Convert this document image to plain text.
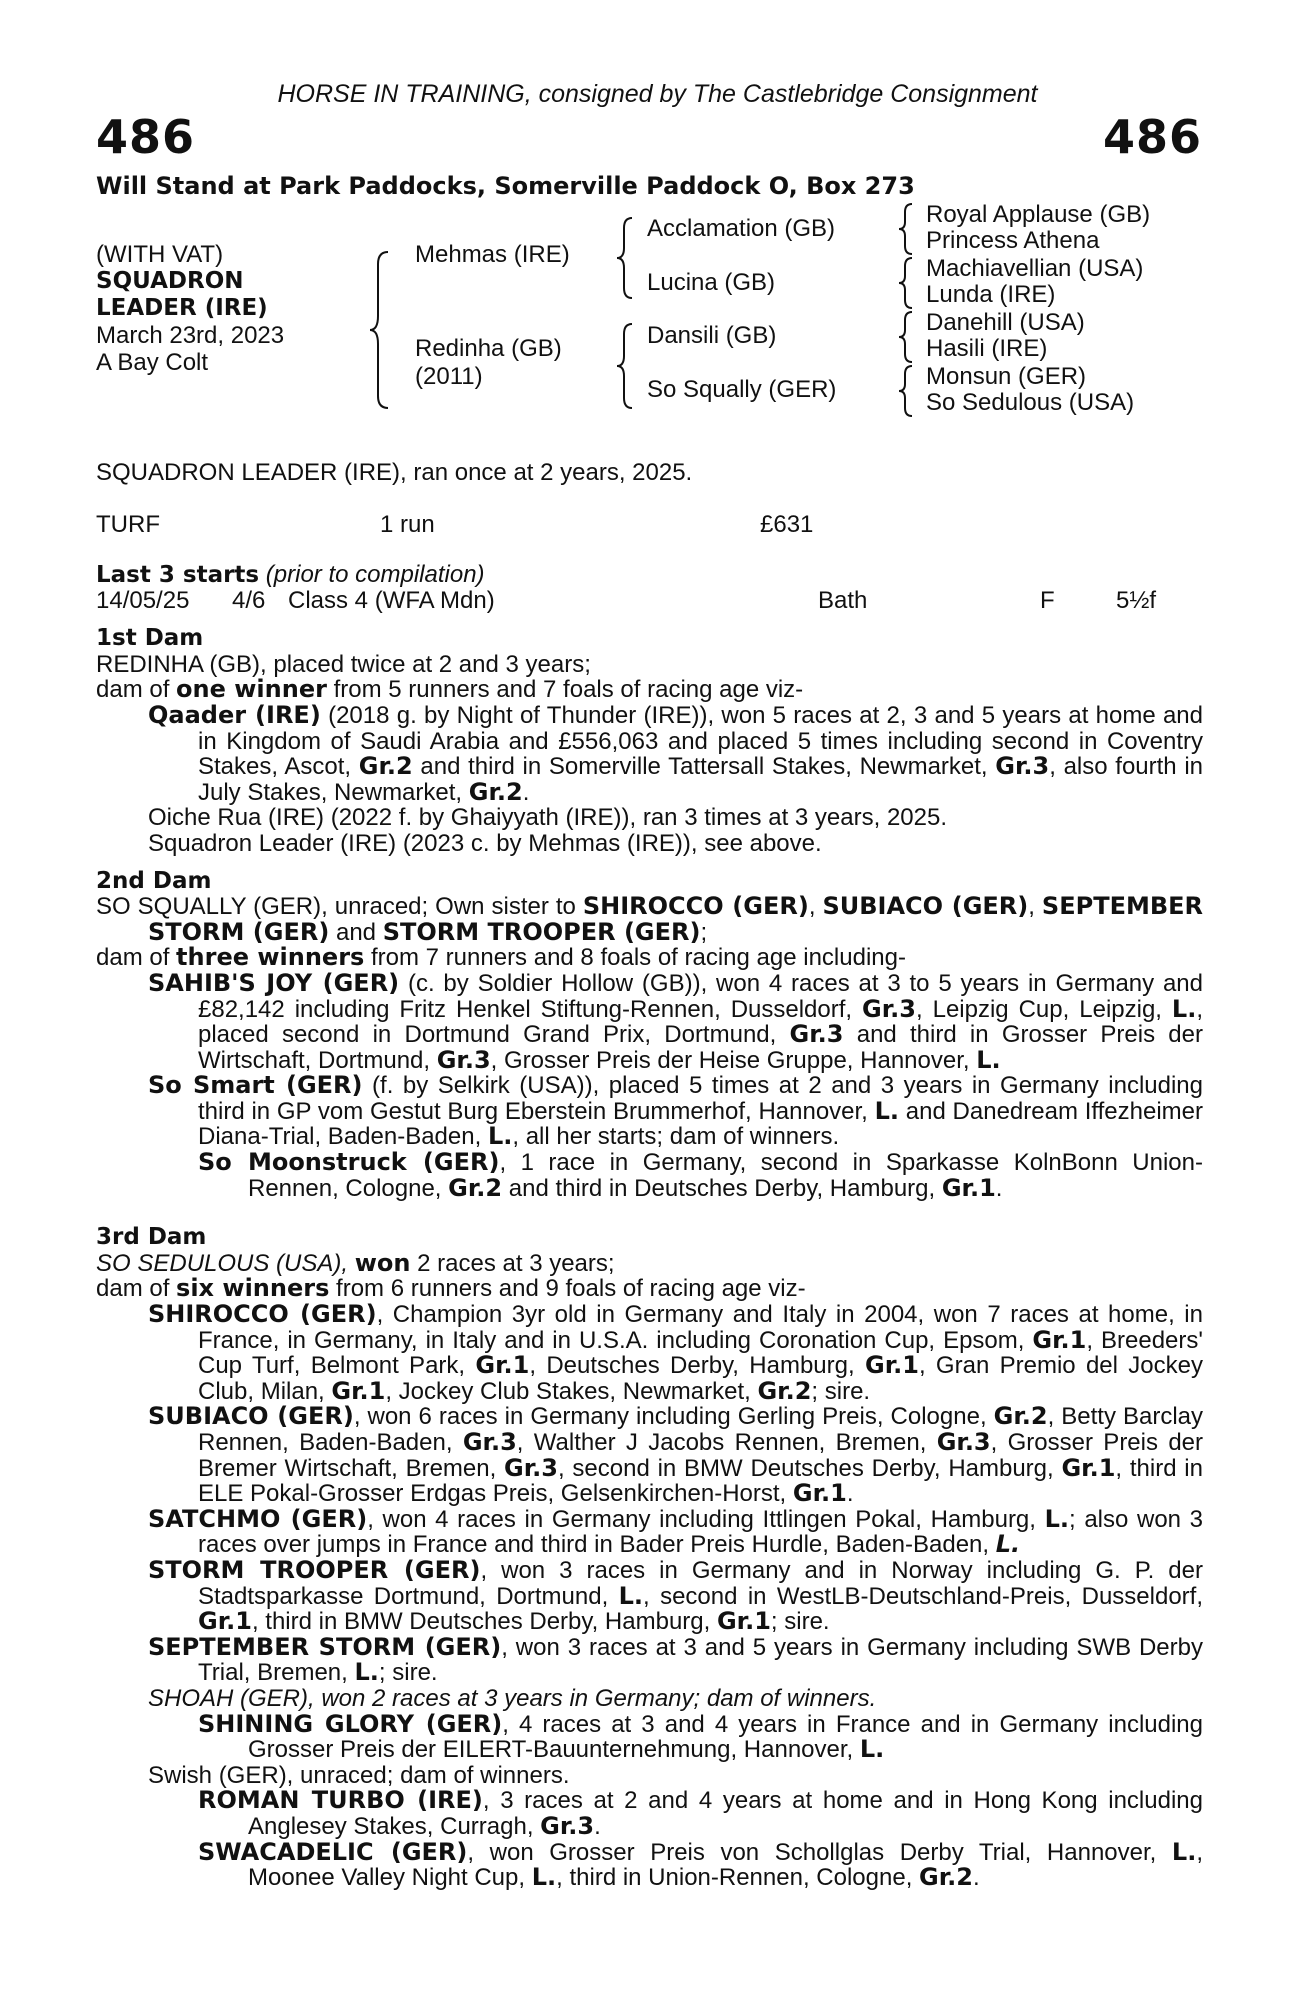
HORSE IN TRAINING, consigned by The Castlebridge Consignment
486	486
Will Stand at Park Paddocks, Somerville Paddock O, Box 273
(WITH VAT)
SQUADRON
LEADER (IRE)
March 23rd, 2023
A Bay Colt
Mehmas (IRE)
Redinha (GB)
(2011)
Acclamation (GB)
Lucina (GB)
Dansili (GB)
So Squally (GER)
Royal Applause (GB)
Princess Athena
Machiavellian (USA)
Lunda (IRE)
Danehill (USA)
Hasili (IRE)
Monsun (GER)
So Sedulous (USA)

SQUADRON LEADER (IRE), ran once at 2 years, 2025.

TURF	1 run	£631

Last 3 starts (prior to compilation)

14/05/25 4/6 Class 4 (WFA Mdn)	Bath	F	5½f

1st Dam

REDINHA (GB), placed twice at 2 and 3 years;

dam of one winner from 5 runners and 7 foals of racing age viz-

Qaader (IRE) (2018 g. by Night of Thunder (IRE)), won 5 races at 2, 3 and 5 years at home and in Kingdom of Saudi Arabia and £556,063 and placed 5 times including second in Coventry Stakes, Ascot, Gr.2 and third in Somerville Tattersall Stakes, Newmarket, Gr.3, also fourth in July Stakes, Newmarket, Gr.2.

Oiche Rua (IRE) (2022 f. by Ghaiyyath (IRE)), ran 3 times at 3 years, 2025.

Squadron Leader (IRE) (2023 c. by Mehmas (IRE)), see above.

2nd Dam

SO SQUALLY (GER), unraced; Own sister to SHIROCCO (GER), SUBIACO (GER), SEPTEMBER STORM (GER) and STORM TROOPER (GER);

dam of three winners from 7 runners and 8 foals of racing age including-

SAHIB'S JOY (GER) (c. by Soldier Hollow (GB)), won 4 races at 3 to 5 years in Germany and £82,142 including Fritz Henkel Stiftung-Rennen, Dusseldorf, Gr.3, Leipzig Cup, Leipzig, L., placed second in Dortmund Grand Prix, Dortmund, Gr.3 and third in Grosser Preis der Wirtschaft, Dortmund, Gr.3, Grosser Preis der Heise Gruppe, Hannover, L.

So Smart (GER) (f. by Selkirk (USA)), placed 5 times at 2 and 3 years in Germany including third in GP vom Gestut Burg Eberstein Brummerhof, Hannover, L. and Danedream Iffezheimer Diana-Trial, Baden-Baden, L., all her starts; dam of winners.

So Moonstruck (GER), 1 race in Germany, second in Sparkasse KolnBonn Union-Rennen, Cologne, Gr.2 and third in Deutsches Derby, Hamburg, Gr.1.

3rd Dam

SO SEDULOUS (USA), won 2 races at 3 years;

dam of six winners from 6 runners and 9 foals of racing age viz-

SHIROCCO (GER), Champion 3yr old in Germany and Italy in 2004, won 7 races at home, in France, in Germany, in Italy and in U.S.A. including Coronation Cup, Epsom, Gr.1, Breeders' Cup Turf, Belmont Park, Gr.1, Deutsches Derby, Hamburg, Gr.1, Gran Premio del Jockey Club, Milan, Gr.1, Jockey Club Stakes, Newmarket, Gr.2; sire.

SUBIACO (GER), won 6 races in Germany including Gerling Preis, Cologne, Gr.2, Betty Barclay Rennen, Baden-Baden, Gr.3, Walther J Jacobs Rennen, Bremen, Gr.3, Grosser Preis der Bremer Wirtschaft, Bremen, Gr.3, second in BMW Deutsches Derby, Hamburg, Gr.1, third in ELE Pokal-Grosser Erdgas Preis, Gelsenkirchen-Horst, Gr.1.

SATCHMO (GER), won 4 races in Germany including Ittlingen Pokal, Hamburg, L.; also won 3 races over jumps in France and third in Bader Preis Hurdle, Baden-Baden, L.

STORM TROOPER (GER), won 3 races in Germany and in Norway including G. P. der Stadtsparkasse Dortmund, Dortmund, L., second in WestLB-Deutschland-Preis, Dusseldorf, Gr.1, third in BMW Deutsches Derby, Hamburg, Gr.1; sire.

SEPTEMBER STORM (GER), won 3 races at 3 and 5 years in Germany including SWB Derby Trial, Bremen, L.; sire.

SHOAH (GER), won 2 races at 3 years in Germany; dam of winners.

SHINING GLORY (GER), 4 races at 3 and 4 years in France and in Germany including Grosser Preis der EILERT-Bauunternehmung, Hannover, L.

Swish (GER), unraced; dam of winners.

ROMAN TURBO (IRE), 3 races at 2 and 4 years at home and in Hong Kong including Anglesey Stakes, Curragh, Gr.3.

SWACADELIC (GER), won Grosser Preis von Schollglas Derby Trial, Hannover, L., Moonee Valley Night Cup, L., third in Union-Rennen, Cologne, Gr.2.
